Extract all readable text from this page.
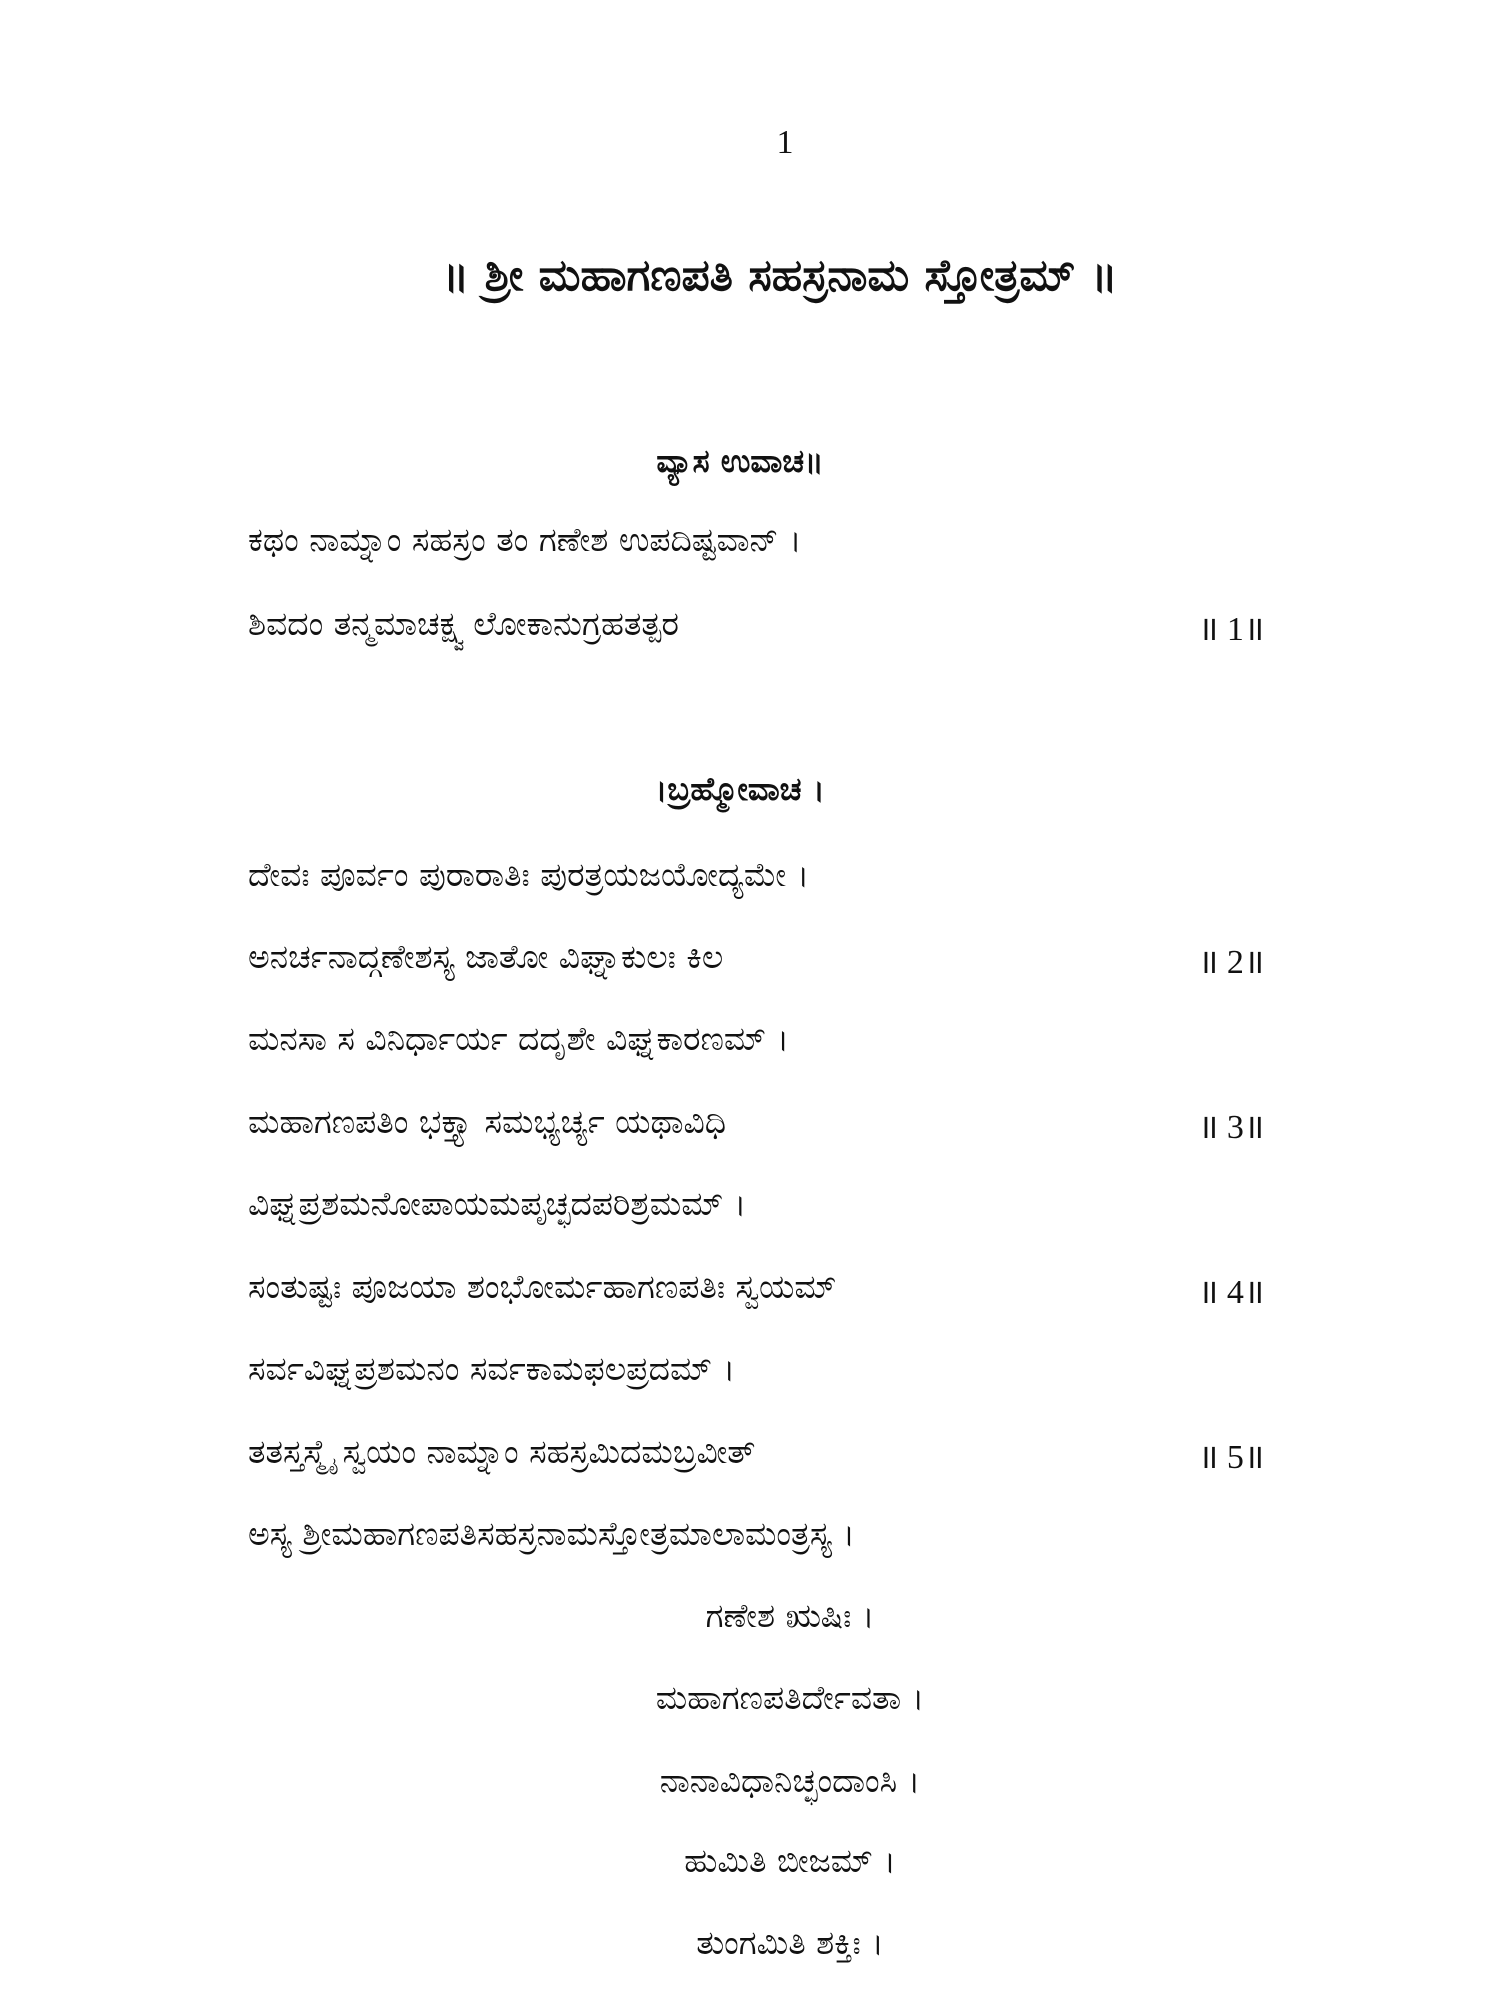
1
॥ ಶ್ರೀ ಮಹಾಗಣಪತಿ ಸಹಸ್ರನಾಮ ಸ್ತೋತ್ರಮ್ ॥
ವ್ಯಾಸ ಉವಾಚ॥
ಕಥಂ ನಾಮ್ನಾಂ ಸಹಸ್ರಂ ತಂ ಗಣೇಶ ಉಪದಿಷ್ಟವಾನ್ ।
ಶಿವದಂ ತನ್ಮಮಾಚಕ್ಷ್ವ ಲೋಕಾನುಗ್ರಹತತ್ಪರ	॥ 1॥
।ಬ್ರಹ್ಮೋವಾಚ ।
ದೇವಃ ಪೂರ್ವಂ ಪುರಾರಾತಿಃ ಪುರತ್ರಯಜಯೋದ್ಯಮೇ ।
ಅನರ್ಚನಾದ್ಗಣೇಶಸ್ಯ ಜಾತೋ ವಿಘ್ನಾಕುಲಃ ಕಿಲ	॥ 2॥
ಮನಸಾ ಸ ವಿನಿರ್ಧಾರ್ಯ ದದೃಶೇ ವಿಘ್ನಕಾರಣಮ್ ।
ಮಹಾಗಣಪತಿಂ ಭಕ್ತ್ಯಾ ಸಮಭ್ಯರ್ಚ್ಯ ಯಥಾವಿಧಿ	॥ 3॥
ವಿಘ್ನಪ್ರಶಮನೋಪಾಯಮಪೃಚ್ಛದಪರಿಶ್ರಮಮ್ ।
ಸಂತುಷ್ಟಃ ಪೂಜಯಾ ಶಂಭೋರ್ಮಹಾಗಣಪತಿಃ ಸ್ವಯಮ್	॥ 4॥
ಸರ್ವವಿಘ್ನಪ್ರಶಮನಂ ಸರ್ವಕಾಮಫಲಪ್ರದಮ್ ।
ತತಸ್ತಸ್ಮೈ ಸ್ವಯಂ ನಾಮ್ನಾಂ ಸಹಸ್ರಮಿದಮಬ್ರವೀತ್	॥ 5॥
ಅಸ್ಯ ಶ್ರೀಮಹಾಗಣಪತಿಸಹಸ್ರನಾಮಸ್ತೋತ್ರಮಾಲಾಮಂತ್ರಸ್ಯ ।
ಗಣೇಶ ಋಷಿಃ ।
ಮಹಾಗಣಪತಿರ್ದೇವತಾ ।
ನಾನಾವಿಧಾನಿಚ್ಛಂದಾಂಸಿ ।
ಹುಮಿತಿ ಬೀಜಮ್ ।
ತುಂಗಮಿತಿ ಶಕ್ತಿಃ ।
